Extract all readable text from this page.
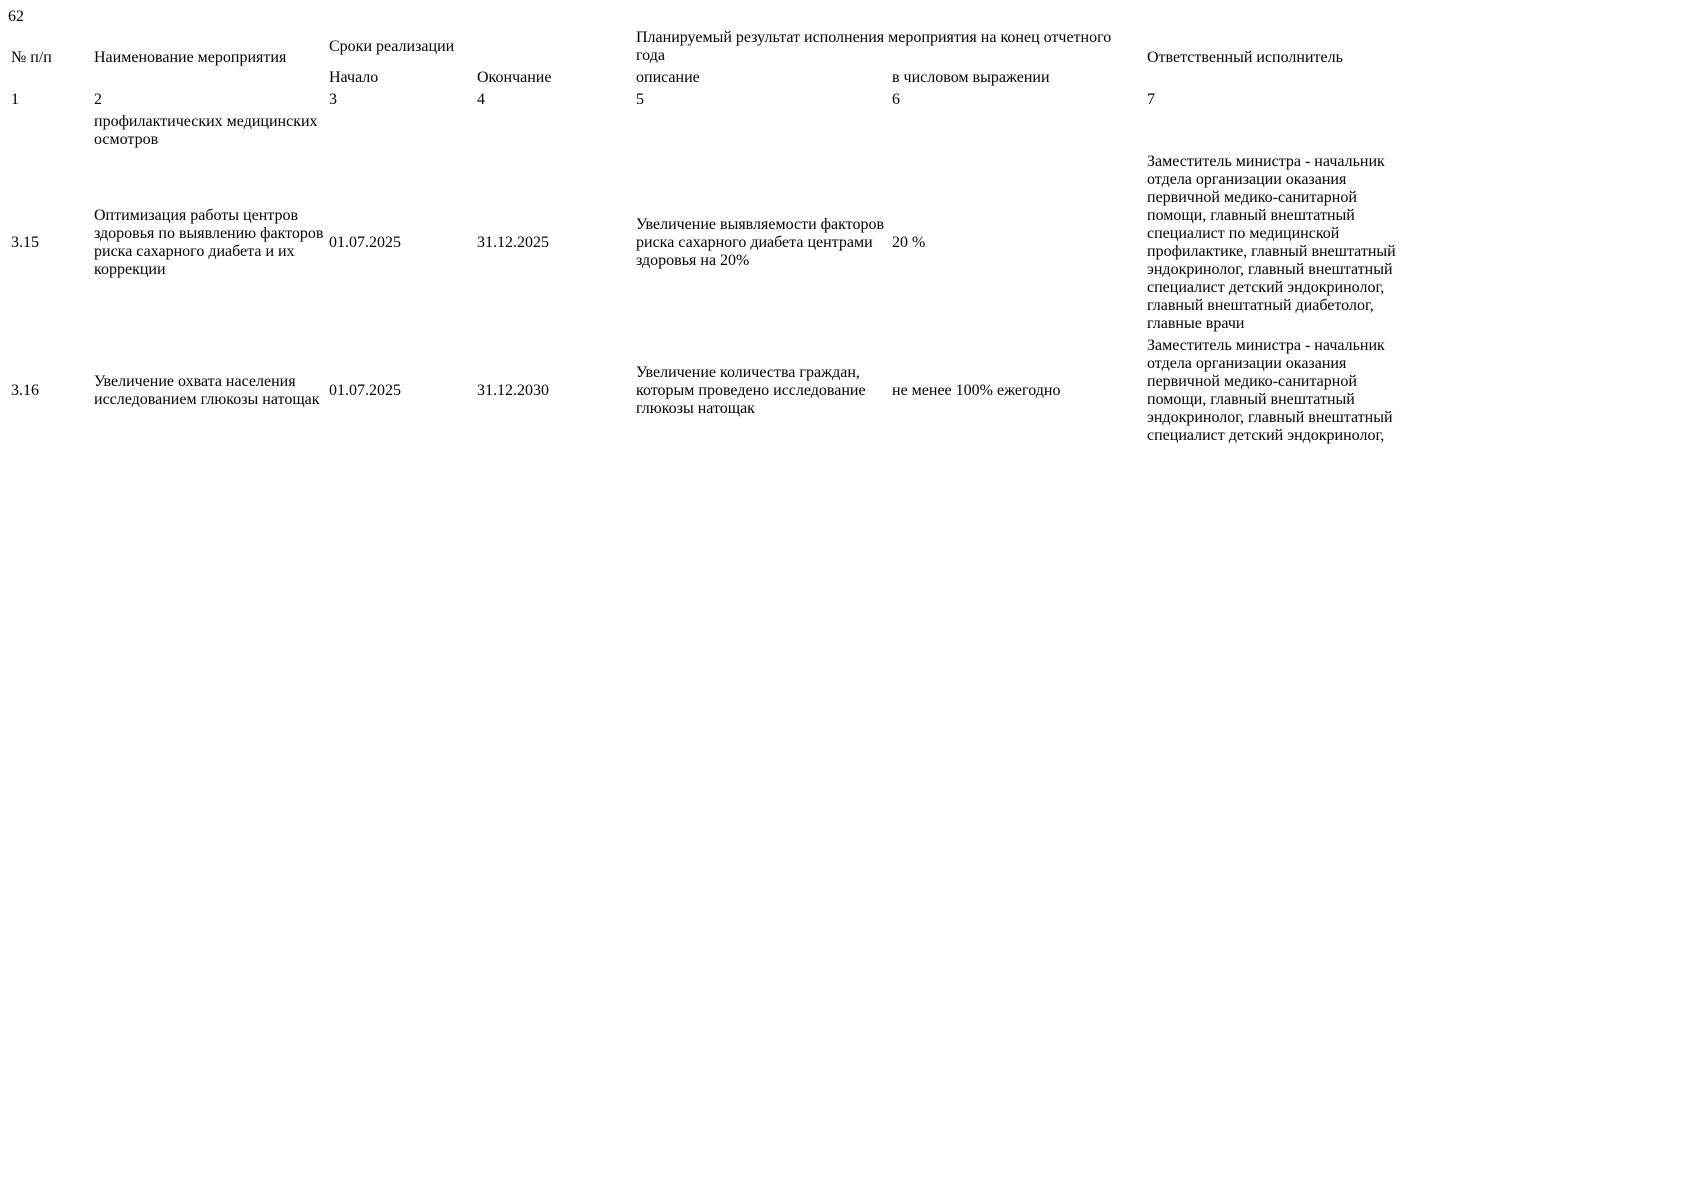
62
№ п/п	Наименование мероприятия	Сроки реализации		Планируемый результат исполнения мероприятия на конец отчетного года		Ответственный исполнитель
		Начало	Окончание	описание	в числовом выражении	
1	2	3	4	5	6	7
	профилактических медицинских осмотров					
3.15	Оптимизация работы центров здоровья по выявлению факторов риска сахарного диабета и их коррекции	01.07.2025	31.12.2025	Увеличение выявляемости факторов риска сахарного диабета центрами здоровья на 20%	20 %	Заместитель министра - начальник отдела организации оказания первичной медико-санитарной помощи, главный внештатный специалист по медицинской профилактике, главный внештатный эндокринолог, главный внештатный специалист детский эндокринолог, главный внештатный диабетолог, главные врачи
3.16	Увеличение охвата населения исследованием глюкозы натощак	01.07.2025	31.12.2030	Увеличение количества граждан, которым проведено исследование глюкозы натощак	не менее 100% ежегодно	Заместитель министра - начальник отдела организации оказания первичной медико-санитарной помощи, главный внештатный эндокринолог, главный внештатный специалист детский эндокринолог,
